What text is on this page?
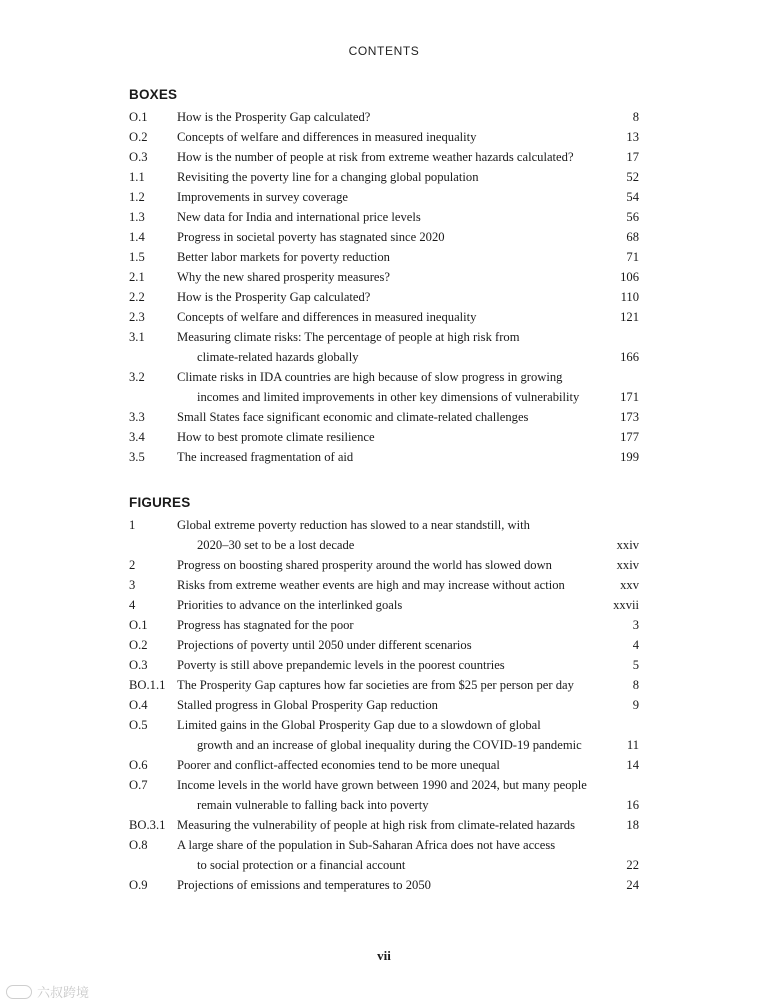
CONTENTS
BOXES
O.1	How is the Prosperity Gap calculated?	8
O.2	Concepts of welfare and differences in measured inequality	13
O.3	How is the number of people at risk from extreme weather hazards calculated?	17
1.1	Revisiting the poverty line for a changing global population	52
1.2	Improvements in survey coverage	54
1.3	New data for India and international price levels	56
1.4	Progress in societal poverty has stagnated since 2020	68
1.5	Better labor markets for poverty reduction	71
2.1	Why the new shared prosperity measures?	106
2.2	How is the Prosperity Gap calculated?	110
2.3	Concepts of welfare and differences in measured inequality	121
3.1	Measuring climate risks: The percentage of people at high risk from
climate-related hazards globally	166
3.2	Climate risks in IDA countries are high because of slow progress in growing
incomes and limited improvements in other key dimensions of vulnerability	171
3.3	Small States face significant economic and climate-related challenges	173
3.4	How to best promote climate resilience	177
3.5	The increased fragmentation of aid	199
FIGURES
1	Global extreme poverty reduction has slowed to a near standstill, with
2020–30 set to be a lost decade	xxiv
2	Progress on boosting shared prosperity around the world has slowed down	xxiv
3	Risks from extreme weather events are high and may increase without action	xxv
4	Priorities to advance on the interlinked goals	xxvii
O.1	Progress has stagnated for the poor	3
O.2	Projections of poverty until 2050 under different scenarios	4
O.3	Poverty is still above prepandemic levels in the poorest countries	5
BO.1.1 The Prosperity Gap captures how far societies are from $25 per person per day	8
O.4	Stalled progress in Global Prosperity Gap reduction	9
O.5	Limited gains in the Global Prosperity Gap due to a slowdown of global
growth and an increase of global inequality during the COVID-19 pandemic	11
O.6	Poorer and conflict-affected economies tend to be more unequal	14
O.7	Income levels in the world have grown between 1990 and 2024, but many people
remain vulnerable to falling back into poverty	16
BO.3.1 Measuring the vulnerability of people at high risk from climate-related hazards	18
O.8	A large share of the population in Sub-Saharan Africa does not have access
to social protection or a financial account	22
O.9	Projections of emissions and temperatures to 2050	24
vii
六叔跨境
